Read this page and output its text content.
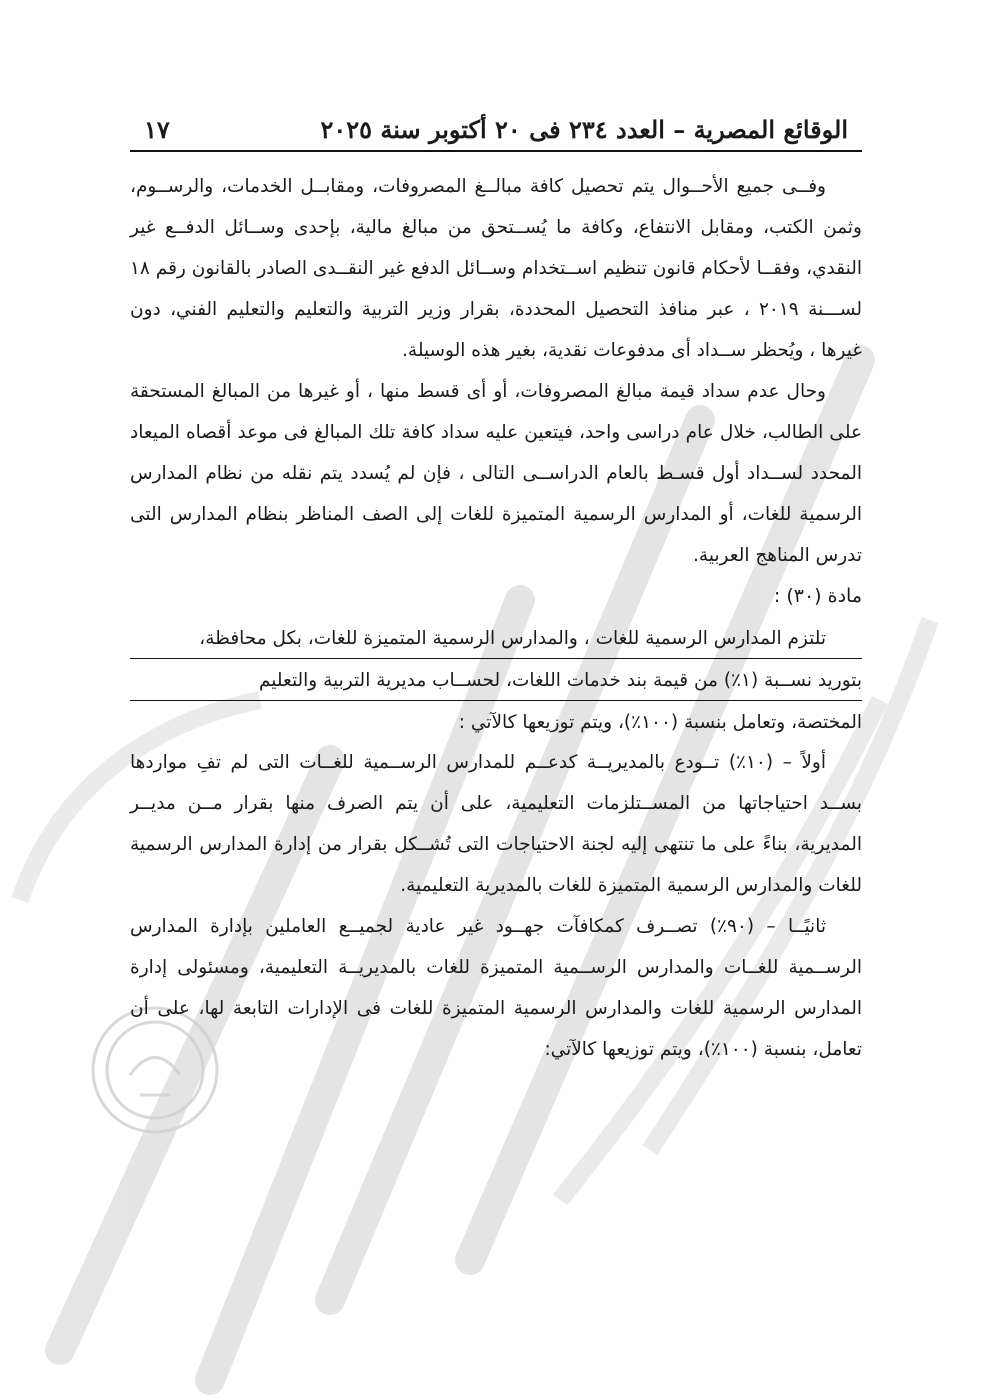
الوقائع المصرية – العدد ٢٣٤ فى ٢٠ أكتوبر سنة ٢٠٢٥
١٧

وفــى جميع الأحــوال يتم تحصيل كافة مبالــغ المصروفات، ومقابــل الخدمات، والرســوم، وثمن الكتب، ومقابل الانتفاع، وكافة ما يُســتحق من مبالغ مالية، بإحدى وســائل الدفــع غير النقدي، وفقــا لأحكام قانون تنظيم اســتخدام وســائل الدفع غير النقــدى الصادر بالقانون رقم ١٨ لســـنة ٢٠١٩ ، عبر منافذ التحصيل المحددة، بقرار وزير التربية والتعليم والتعليم الفني، دون غيرها ، ويُحظر ســداد أى مدفوعات نقدية، بغير هذه الوسيلة.

وحال عدم سداد قيمة مبالغ المصروفات، أو أى قسط منها ، أو غيرها من المبالغ المستحقة على الطالب، خلال عام دراسى واحد، فيتعين عليه سداد كافة تلك المبالغ فى موعد أقصاه الميعاد المحدد لســداد أول قسـط بالعام الدراســى التالى ، فإن لم يُسدد يتم نقله من نظام المدارس الرسمية للغات، أو المدارس الرسمية المتميزة للغات إلى الصف المناظر بنظام المدارس التى تدرس المناهج العربية.

مادة (٣٠) :

تلتزم المدارس الرسمية للغات ، والمدارس الرسمية المتميزة للغات، بكل محافظة،
بتوريد نســبة (١٪) من قيمة بند خدمات اللغات، لحســاب مديرية التربية والتعليم
المختصة، وتعامل بنسبة (١٠٠٪)، ويتم توزيعها كالآتي :

أولاً – (١٠٪) تــودع بالمديريــة كدعــم للمدارس الرســمية للغــات التى لم تفِ مواردها بســد احتياجاتها من المســتلزمات التعليمية، على أن يتم الصرف منها بقرار مــن مديــر المديرية، بناءً على ما تنتهى إليه لجنة الاحتياجات التى تُشــكل بقرار من إدارة المدارس الرسمية للغات والمدارس الرسمية المتميزة للغات بالمديرية التعليمية.

ثانيًــا – (٩٠٪) تصــرف كمكافآت جهــود غير عادية لجميــع العاملين بإدارة المدارس الرســمية للغــات والمدارس الرســمية المتميزة للغات بالمديريــة التعليمية، ومسئولى إدارة المدارس الرسمية للغات والمدارس الرسمية المتميزة للغات فى الإدارات التابعة لها، على أن تعامل، بنسبة (١٠٠٪)، ويتم توزيعها كالآتي:
